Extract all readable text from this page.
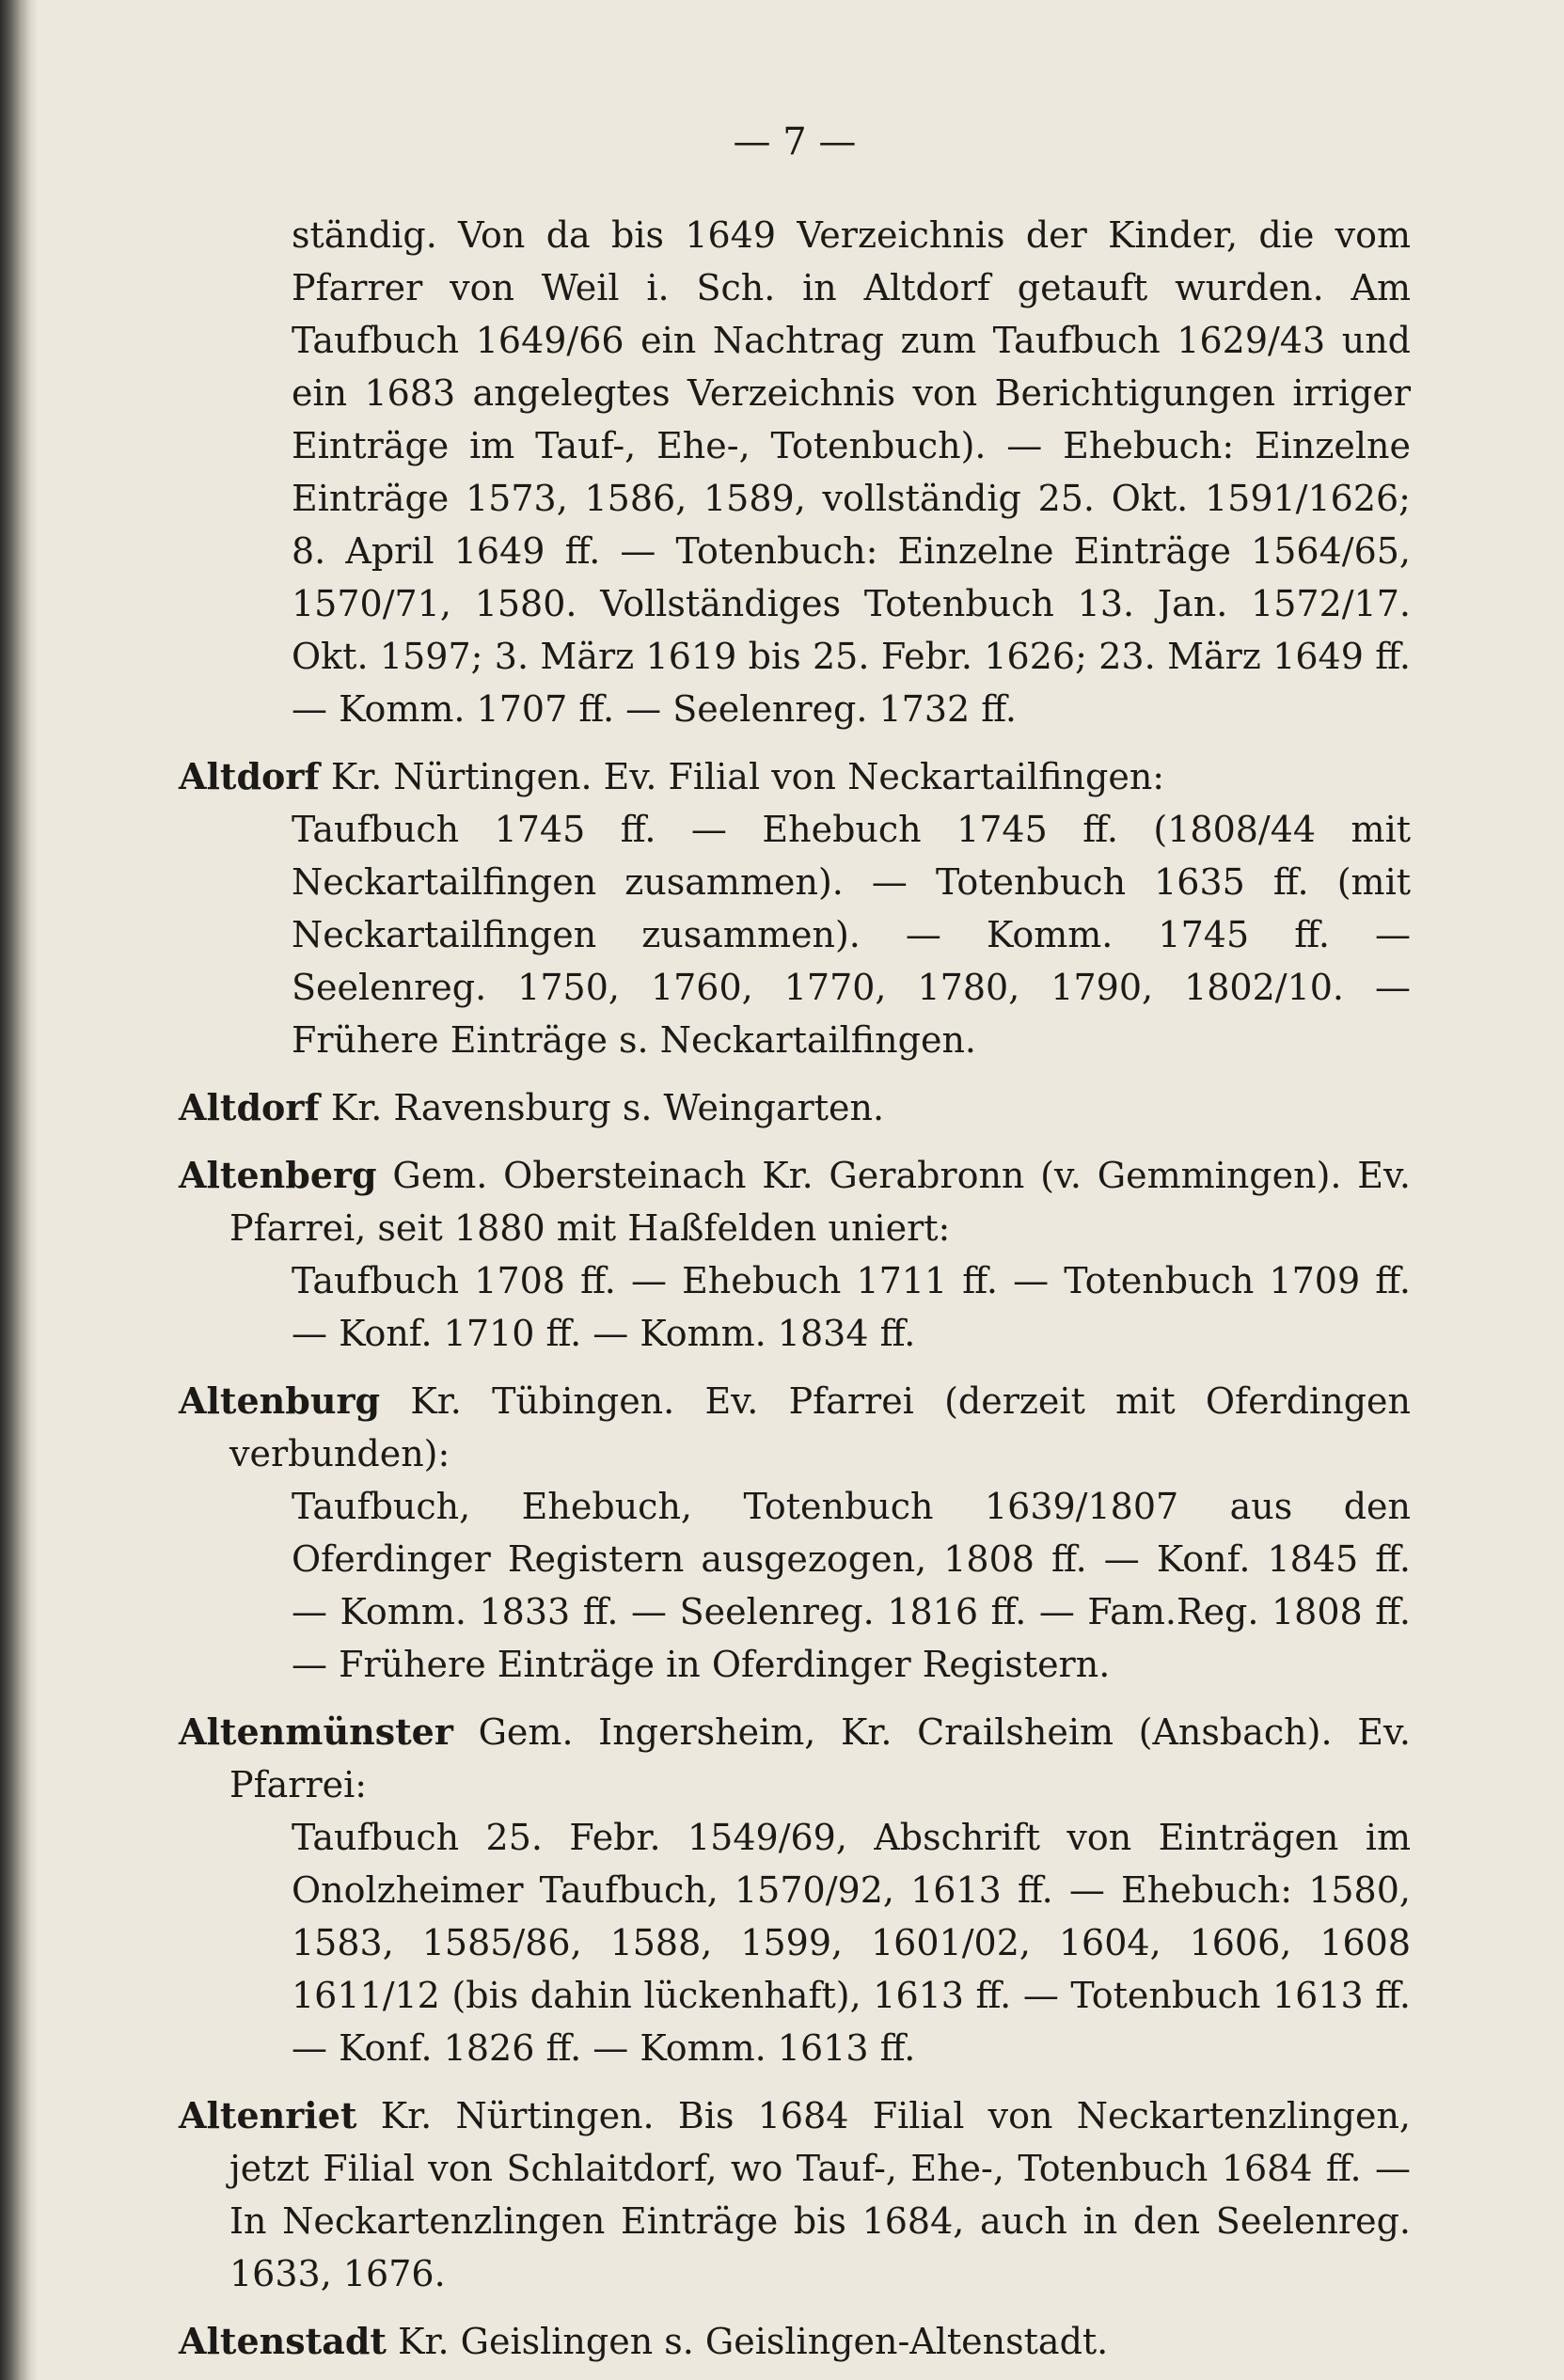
— 7 —

ständig. Von da bis 1649 Verzeichnis der Kinder, die vom Pfarrer von Weil i. Sch. in Altdorf getauft wurden. Am Taufbuch 1649/66 ein Nachtrag zum Taufbuch 1629/43 und ein 1683 angelegtes Verzeichnis von Berichtigungen irriger Einträge im Tauf-, Ehe-, Totenbuch). — Ehebuch: Einzelne Einträge 1573, 1586, 1589, vollständig 25. Okt. 1591/1626; 8. April 1649 ff. — Totenbuch: Einzelne Einträge 1564/65, 1570/71, 1580. Vollständiges Totenbuch 13. Jan. 1572/17. Okt. 1597; 3. März 1619 bis 25. Febr. 1626; 23. März 1649 ff. — Komm. 1707 ff. — Seelenreg. 1732 ff.

Altdorf Kr. Nürtingen. Ev. Filial von Neckartailfingen:

Taufbuch 1745 ff. — Ehebuch 1745 ff. (1808/44 mit Neckartailfingen zusammen). — Totenbuch 1635 ff. (mit Neckartailfingen zusammen). — Komm. 1745 ff. — Seelenreg. 1750, 1760, 1770, 1780, 1790, 1802/10. — Frühere Einträge s. Neckartailfingen.

Altdorf Kr. Ravensburg s. Weingarten.

Altenberg Gem. Obersteinach Kr. Gerabronn (v. Gemmingen). Ev. Pfarrei, seit 1880 mit Haßfelden uniert:

Taufbuch 1708 ff. — Ehebuch 1711 ff. — Totenbuch 1709 ff. — Konf. 1710 ff. — Komm. 1834 ff.

Altenburg Kr. Tübingen. Ev. Pfarrei (derzeit mit Oferdingen verbunden):

Taufbuch, Ehebuch, Totenbuch 1639/1807 aus den Oferdinger Registern ausgezogen, 1808 ff. — Konf. 1845 ff. — Komm. 1833 ff. — Seelenreg. 1816 ff. — Fam.Reg. 1808 ff. — Frühere Einträge in Oferdinger Registern.

Altenmünster Gem. Ingersheim, Kr. Crailsheim (Ansbach). Ev. Pfarrei:

Taufbuch 25. Febr. 1549/69, Abschrift von Einträgen im Onolzheimer Taufbuch, 1570/92, 1613 ff. — Ehebuch: 1580, 1583, 1585/86, 1588, 1599, 1601/02, 1604, 1606, 1608 1611/12 (bis dahin lückenhaft), 1613 ff. — Totenbuch 1613 ff. — Konf. 1826 ff. — Komm. 1613 ff.

Altenriet Kr. Nürtingen. Bis 1684 Filial von Neckartenzlingen, jetzt Filial von Schlaitdorf, wo Tauf-, Ehe-, Totenbuch 1684 ff. — In Neckartenzlingen Einträge bis 1684, auch in den Seelenreg. 1633, 1676.

Altenstadt Kr. Geislingen s. Geislingen-Altenstadt.
